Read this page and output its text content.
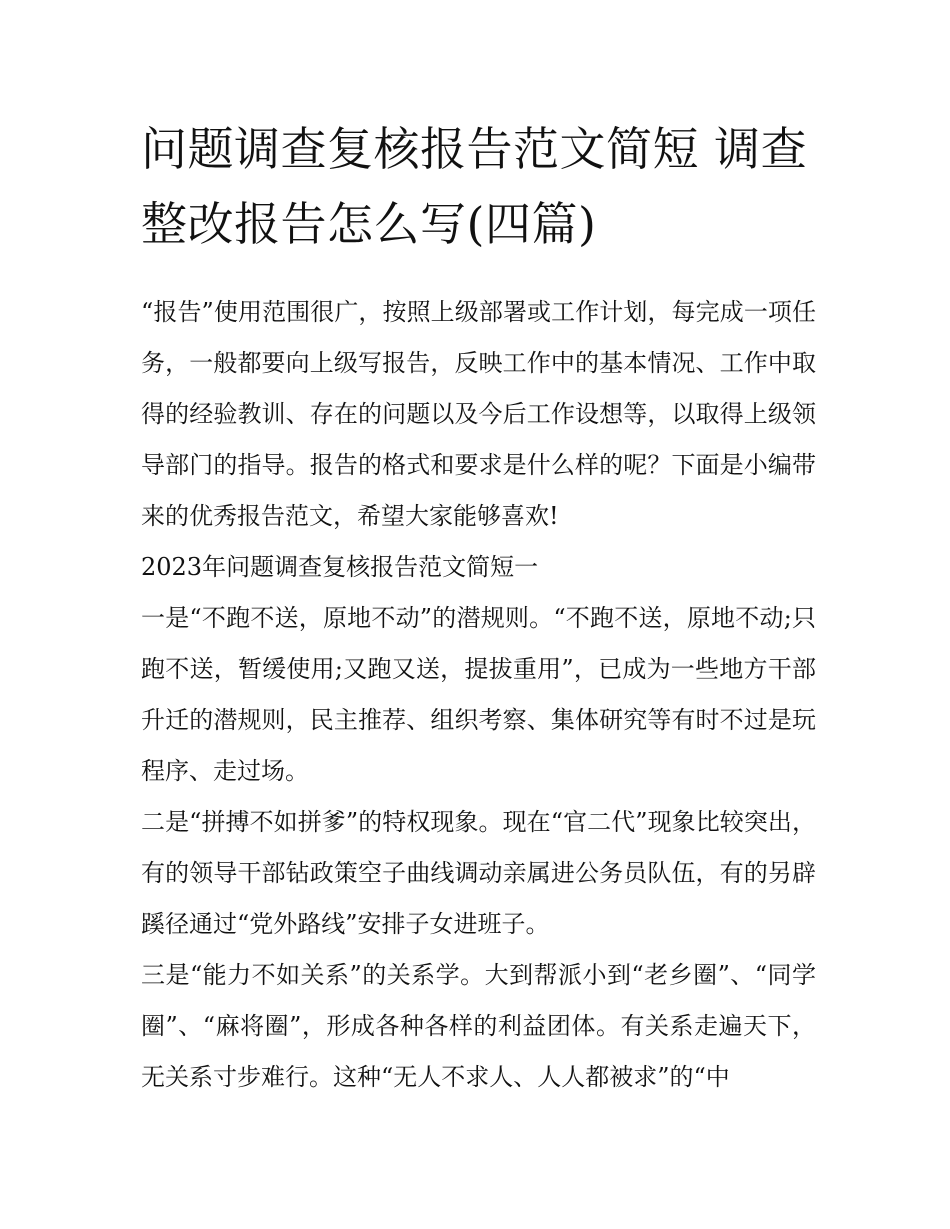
问题调查复核报告范文简短 调查整改报告怎么写(四篇)

“报告”使用范围很广，按照上级部署或工作计划，每完成一项任务，一般都要向上级写报告，反映工作中的基本情况、工作中取得的经验教训、存在的问题以及今后工作设想等，以取得上级领导部门的指导。报告的格式和要求是什么样的呢？下面是小编带来的优秀报告范文，希望大家能够喜欢!

2023年问题调查复核报告范文简短一

一是“不跑不送，原地不动”的潜规则。“不跑不送，原地不动;只跑不送，暂缓使用;又跑又送，提拔重用”，已成为一些地方干部升迁的潜规则，民主推荐、组织考察、集体研究等有时不过是玩程序、走过场。

二是“拼搏不如拼爹”的特权现象。现在“官二代”现象比较突出，有的领导干部钻政策空子曲线调动亲属进公务员队伍，有的另辟蹊径通过“党外路线”安排子女进班子。

三是“能力不如关系”的关系学。大到帮派小到“老乡圈”、“同学圈”、“麻将圈”，形成各种各样的利益团体。有关系走遍天下，无关系寸步难行。这种“无人不求人、人人都被求”的“中
